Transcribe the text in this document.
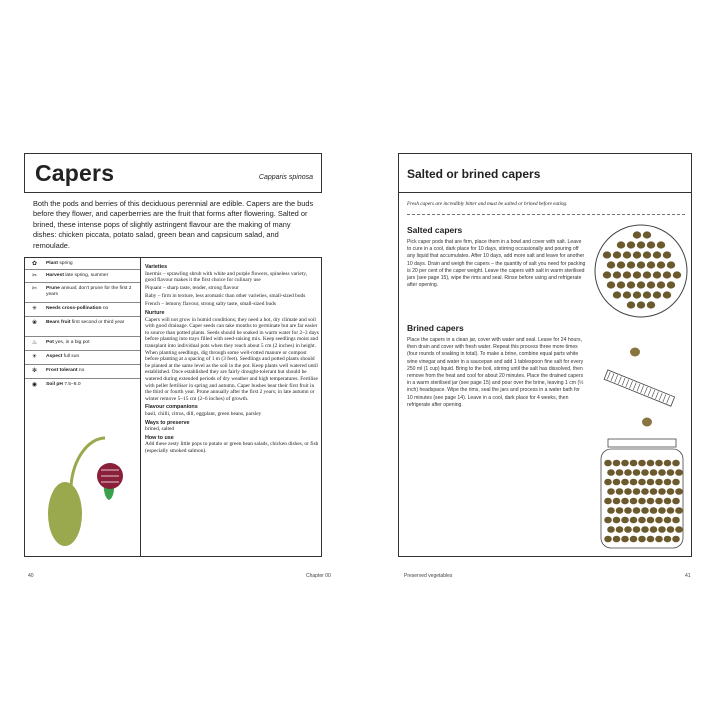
Capers	Capparis spinosa
Both the pods and berries of this deciduous perennial are edible. Capers are the buds before they flower, and caperberries are the fruit that forms after flowering. Salted or brined, these intense pops of slightly astringent flavour are the making of many dishes: chicken piccata, potato salad, green bean and capsicum salad, and remoulade.
✿ Plant spring
✂ Harvest late spring, summer
✄ Prune annual; don't prune for the first 2 years
✳ Needs cross-pollination no
❀ Bears fruit first second or third year
♨ Pot yes, in a big pot
☀ Aspect full sun
✻ Frost tolerant no
◉ Soil pH 7.5–8.0
Varieties

Inermis – sprawling shrub with white and purple flowers, spineless variety, good flavour makes it the first choice for culinary use

Piquant – sharp taste, tender, strong flavour

Baby – firm in texture, less aromatic than other varieties, small-sized buds

French – lemony flavour, strong salty taste, small-sized buds

Nurture

Capers will not grow in humid conditions; they need a hot, dry climate and soil with good drainage. Caper seeds can take months to germinate but are far easier to source than potted plants. Seeds should be soaked in warm water for 2–3 days before planting into trays filled with seed-raising mix. Keep seedlings moist and transplant into individual pots when they reach about 5 cm (2 inches) in height. When planting seedlings, dig through some well-rotted manure or compost before planting at a spacing of 1 m (3 feet). Seedlings and potted plants should be planted at the same level as the soil in the pot. Keep plants well watered until established. Once established they are fairly drought-tolerant but should be watered during extended periods of dry weather and high temperatures. Fertilise with pellet fertiliser in spring and autumn. Caper bushes bear their first fruit in the third or fourth year. Prune annually after the first 2 years; in late autumn or winter remove 5–15 cm (2–6 inches) of growth.

Flavour companions

basil, chilli, citrus, dill, eggplant, green beans, parsley

Ways to preserve

brined, salted

How to use

Add these zesty little pops to potato or green bean salads, chicken dishes, or fish (especially smoked salmon).

40	Chapter 00
Salted or brined capers
Fresh capers are incredibly bitter and must be salted or brined before eating.
Salted capers
Pick caper pods that are firm, place them in a bowl and cover with salt. Leave to cure in a cool, dark place for 10 days, stirring occasionally and pouring off any liquid that accumulates. After 10 days, add more salt and leave for another 10 days. Drain and weigh the capers – the quantity of salt you need for packing is 20 per cent of the caper weight. Leave the capers with salt in warm sterilised jars (see page 15), wipe the rims and seal. Rinse before using and refrigerate after opening.
Brined capers
Place the capers in a clean jar, cover with water and seal. Leave for 24 hours, then drain and cover with fresh water. Repeat this process three more times (four rounds of soaking in total). To make a brine, combine equal parts white wine vinegar and water in a saucepan and add 1 tablespoon fine salt for every 250 ml (1 cup) liquid. Bring to the boil, stirring until the salt has dissolved, then remove from the heat and cool for about 20 minutes. Place the drained capers in a warm sterilised jar (see page 15) and pour over the brine, leaving 1 cm (½ inch) headspace. Wipe the rims, seal the jars and process in a water bath for 10 minutes (see page 14). Leave in a cool, dark place for 4 weeks, then refrigerate after opening.
Preserved vegetables	41
